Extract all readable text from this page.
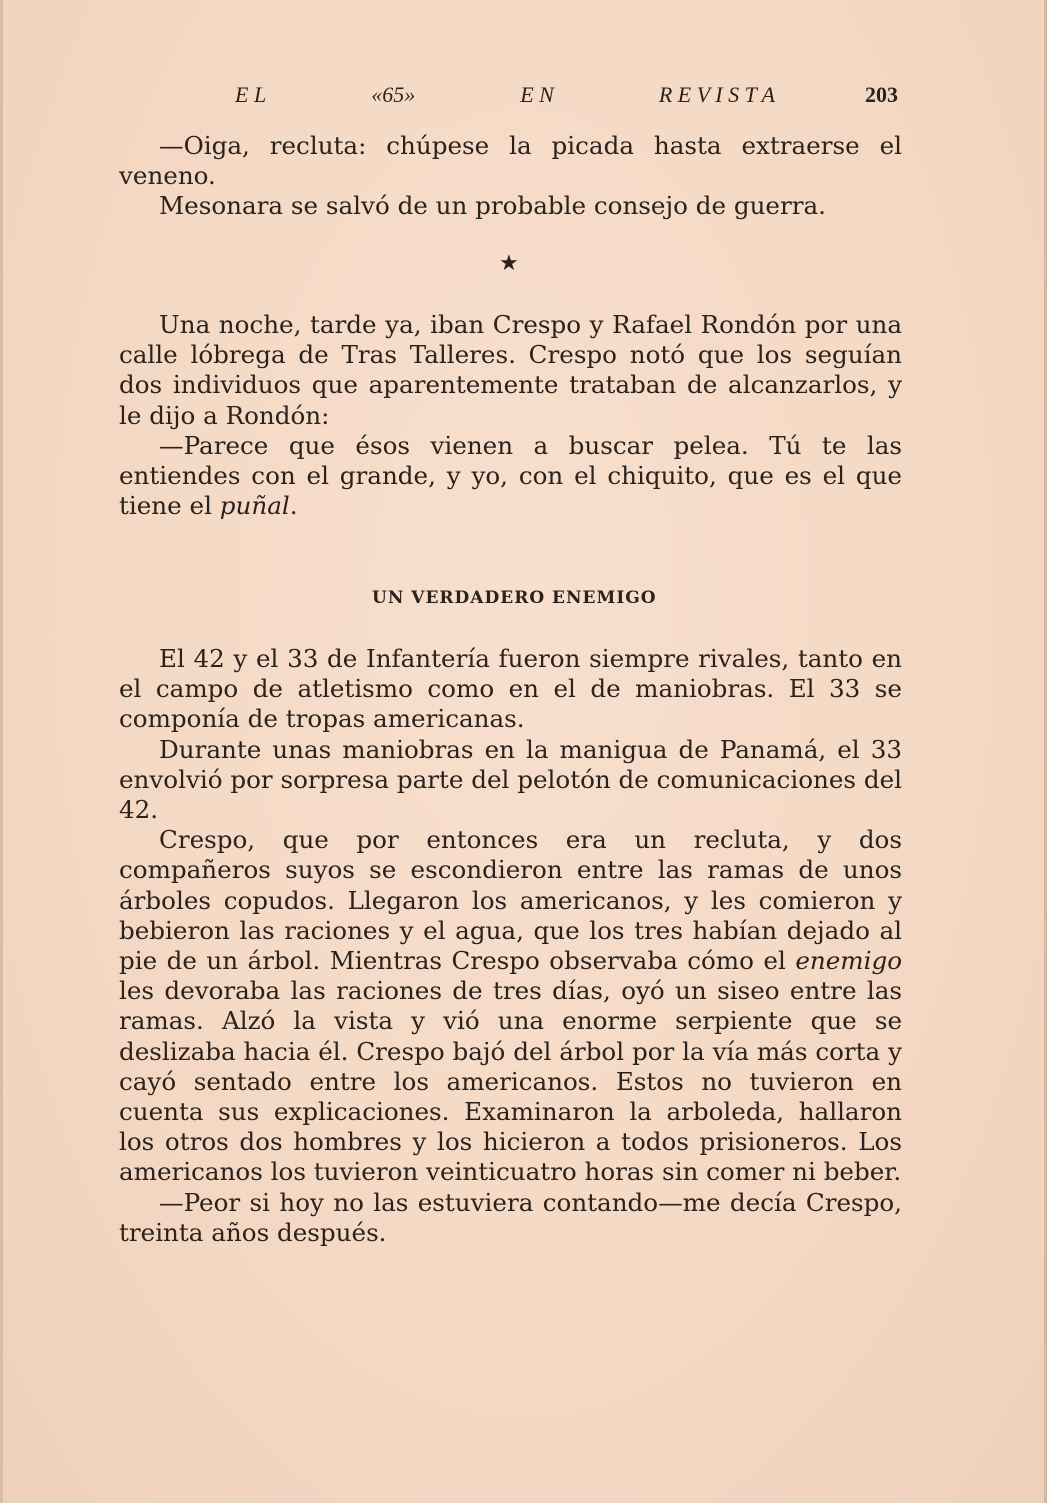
E L	«65»	E N	R E V I S T A	203

—Oiga, recluta: chúpese la picada hasta extraerse el veneno.

Mesonara se salvó de un probable consejo de guerra.

★

Una noche, tarde ya, iban Crespo y Rafael Rondón por una calle lóbrega de Tras Talleres. Crespo notó que los seguían dos individuos que aparentemente trataban de alcanzarlos, y le dijo a Rondón:

—Parece que ésos vienen a buscar pelea. Tú te las entiendes con el grande, y yo, con el chiquito, que es el que tiene el puñal.

UN VERDADERO ENEMIGO

El 42 y el 33 de Infantería fueron siempre rivales, tanto en el campo de atletismo como en el de maniobras. El 33 se componía de tropas americanas.

Durante unas maniobras en la manigua de Panamá, el 33 envolvió por sorpresa parte del pelotón de comunicaciones del 42.

Crespo, que por entonces era un recluta, y dos compañeros suyos se escondieron entre las ramas de unos árboles copudos. Llegaron los americanos, y les comieron y bebieron las raciones y el agua, que los tres habían dejado al pie de un árbol. Mientras Crespo observaba cómo el enemigo les devoraba las raciones de tres días, oyó un siseo entre las ramas. Alzó la vista y vió una enorme serpiente que se deslizaba hacia él. Crespo bajó del árbol por la vía más corta y cayó sentado entre los americanos. Estos no tuvieron en cuenta sus explicaciones. Examinaron la arboleda, hallaron los otros dos hombres y los hicieron a todos prisioneros. Los americanos los tuvieron veinticuatro horas sin comer ni beber.

—Peor si hoy no las estuviera contando—me decía Crespo, treinta años después.
